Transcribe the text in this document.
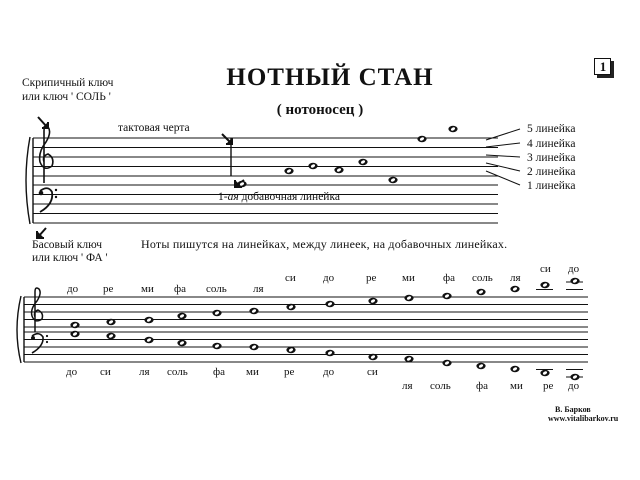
1
НОТНЫЙ СТАН
( нотоносец )
Скрипичный ключ
или ключ ' СОЛЬ '
Басовый ключ
или ключ ' ФА '
тактовая черта
1-ая добавочная линейка
5 линейка
4 линейка
3 линейка
2 линейка
1 линейка
Ноты пишутся на линейках, между линеек, на добавочных линейках.
до ре	ми фа соль ля
си до	ре ми	фа соль ля
си до
до си	ля соль фа ми ре	до	си
ля соль фа ми ре до
В. Барков
www.vitalibarkov.ru
